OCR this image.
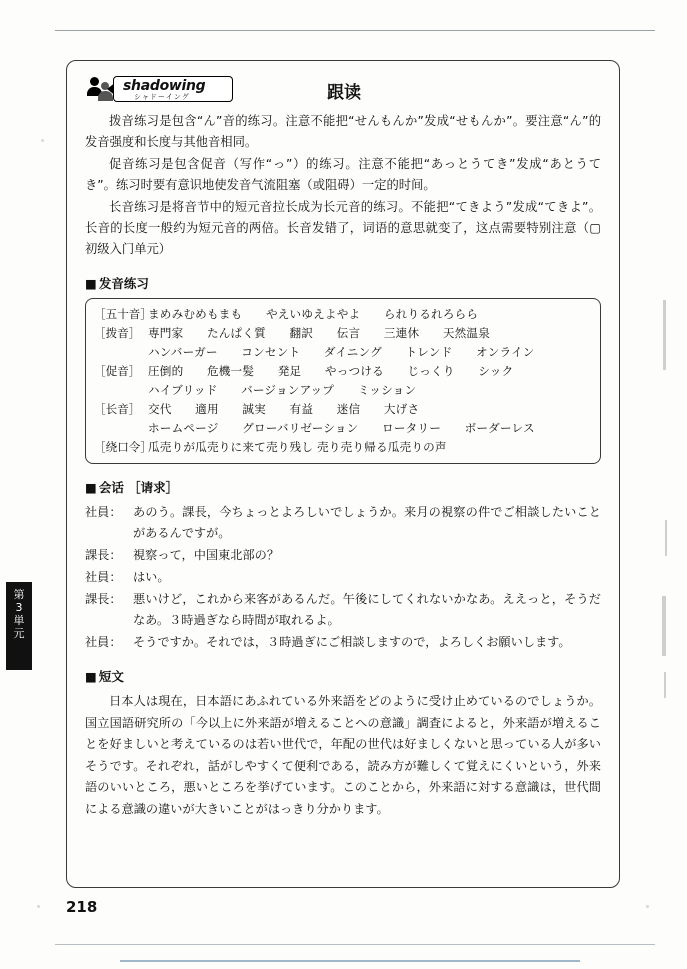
第
3
単
元
shadowing
シャドーイング	跟读

拨音练习是包含“ん”音的练习。注意不能把“せんもんか”发成“せもんか”。要注意“ん”的发音强度和长度与其他音相同。

促音练习是包含促音（写作“っ”）的练习。注意不能把“あっとうてき”发成“あとうてき”。练习时要有意识地使发音气流阻塞（或阻碍）一定的时间。

长音练习是将音节中的短元音拉长成为长元音的练习。不能把“てきよう”发成“てきよ”。长音的长度一般约为短元音的两倍。长音发错了，词语的意思就变了，这点需要特别注意（▢ 初级入门单元）

■ 发音练习
［五十音］
まめみむめもまも　　やえいゆえよやよ　　られりるれろらら
［拨音］ 専門家　　たんぱく質　　翻訳　　伝言　　三連休　　天然温泉
ハンバーガー　　コンセント　　ダイニング　　トレンド　　オンライン
［促音］ 圧倒的　　危機一髪　　発足　　やっつける　　じっくり　　シック
ハイブリッド　　バージョンアップ　　ミッション
［长音］ 交代　　適用　　誠実　　有益　　迷信　　大げさ
ホームページ　　グローバリゼーション　　ロータリー　　ボーダーレス
［绕口令］
瓜売りが瓜売りに来て売り残し 売り売り帰る瓜売りの声
■ 会话 ［请求］
社員： あのう。課長，今ちょっとよろしいでしょうか。来月の視察の件でご相談したいことがあるんですが。
課長： 視察って，中国東北部の？
社員： はい。
課長： 悪いけど，これから来客があるんだ。午後にしてくれないかなあ。ええっと，そうだなあ。３時過ぎなら時間が取れるよ。
社員： そうですか。それでは，３時過ぎにご相談しますので，よろしくお願いします。
■ 短文

日本人は現在，日本語にあふれている外来語をどのように受け止めているのでしょうか。国立国語研究所の「今以上に外来語が増えることへの意識」調査によると，外来語が増えることを好ましいと考えているのは若い世代で，年配の世代は好ましくないと思っている人が多いそうです。それぞれ，話がしやすくて便利である，読み方が難しくて覚えにくいという，外来語のいいところ，悪いところを挙げています。このことから，外来語に対する意識は，世代間による意識の違いが大きいことがはっきり分かります。

218
